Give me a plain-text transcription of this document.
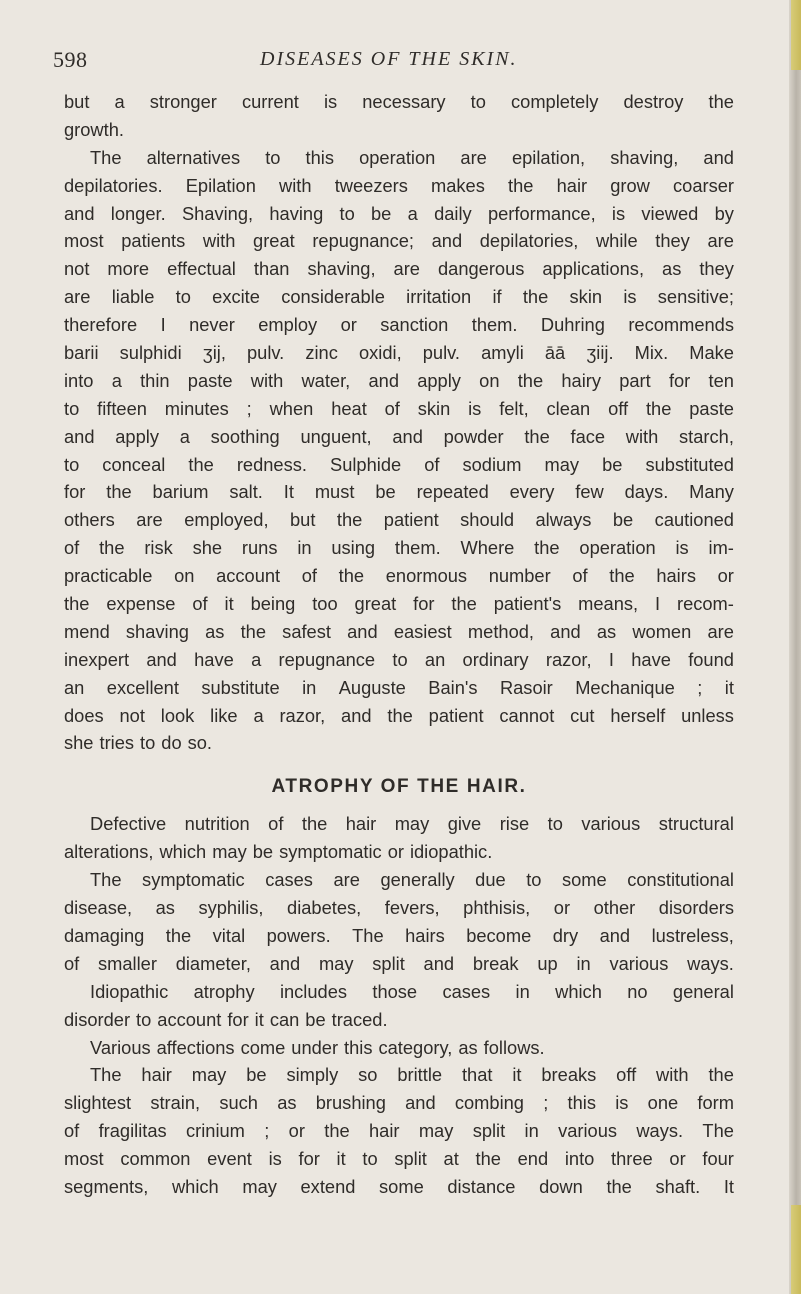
598	DISEASES OF THE SKIN.
but a stronger current is necessary to completely destroy the
growth.
The alternatives to this operation are epilation, shaving, and
depilatories. Epilation with tweezers makes the hair grow coarser
and longer. Shaving, having to be a daily performance, is viewed by
most patients with great repugnance; and depilatories, while they are
not more effectual than shaving, are dangerous applications, as they
are liable to excite considerable irritation if the skin is sensitive;
therefore I never employ or sanction them. Duhring recommends
barii sulphidi ʒij, pulv. zinc oxidi, pulv. amyli āā ʒiij. Mix. Make
into a thin paste with water, and apply on the hairy part for ten
to fifteen minutes ; when heat of skin is felt, clean off the paste
and apply a soothing unguent, and powder the face with starch,
to conceal the redness. Sulphide of sodium may be substituted
for the barium salt. It must be repeated every few days. Many
others are employed, but the patient should always be cautioned
of the risk she runs in using them. Where the operation is im-
practicable on account of the enormous number of the hairs or
the expense of it being too great for the patient's means, I recom-
mend shaving as the safest and easiest method, and as women are
inexpert and have a repugnance to an ordinary razor, I have found
an excellent substitute in Auguste Bain's Rasoir Mechanique ; it
does not look like a razor, and the patient cannot cut herself unless
she tries to do so.
ATROPHY OF THE HAIR.
Defective nutrition of the hair may give rise to various structural
alterations, which may be symptomatic or idiopathic.
The symptomatic cases are generally due to some constitutional
disease, as syphilis, diabetes, fevers, phthisis, or other disorders
damaging the vital powers. The hairs become dry and lustreless,
of smaller diameter, and may split and break up in various ways.
Idiopathic atrophy includes those cases in which no general
disorder to account for it can be traced.
Various affections come under this category, as follows.
The hair may be simply so brittle that it breaks off with the
slightest strain, such as brushing and combing ; this is one form
of fragilitas crinium ; or the hair may split in various ways. The
most common event is for it to split at the end into three or four
segments, which may extend some distance down the shaft. It
